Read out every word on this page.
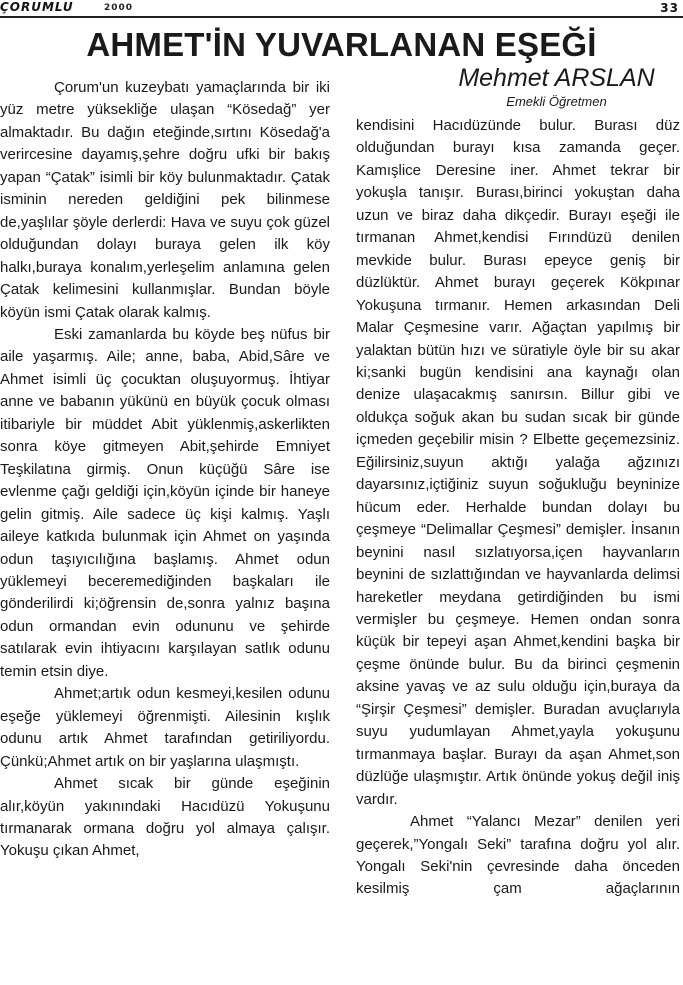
ÇORUMLU	2000	33
AHMET'İN YUVARLANAN EŞEĞİ
Mehmet ARSLAN
Emekli Öğretmen

Çorum'un kuzeybatı yamaçlarında bir iki yüz metre yüksekliğe ulaşan “Kösedağ” yer almaktadır. Bu dağın eteğinde,sırtını Kösedağ'a verircesine dayamış,şehre doğru ufki bir bakış yapan “Çatak” isimli bir köy bulunmaktadır. Çatak isminin nereden geldiğini pek bilinmese de,yaşlılar şöyle derlerdi: Hava ve suyu çok güzel olduğundan dolayı buraya gelen ilk köy halkı,buraya konalım,yerleşelim anlamına gelen Çatak kelimesini kullanmışlar. Bundan böyle köyün ismi Çatak olarak kalmış.

Eski zamanlarda bu köyde beş nüfus bir aile yaşarmış. Aile; anne, baba, Abid,Sâre ve Ahmet isimli üç çocuktan oluşuyormuş. İhtiyar anne ve babanın yükünü en büyük çocuk olması itibariyle bir müddet Abit yüklenmiş,askerlikten sonra köye gitmeyen Abit,şehirde Emniyet Teşkilatına girmiş. Onun küçüğü Sâre ise evlenme çağı geldiği için,köyün içinde bir haneye gelin gitmiş. Aile sadece üç kişi kalmış. Yaşlı aileye katkıda bulunmak için Ahmet on yaşında odun taşıyıcılığına başlamış. Ahmet odun yüklemeyi beceremediğinden başkaları ile gönderilirdi ki;öğrensin de,sonra yalnız başına odun ormandan evin odununu ve şehirde satılarak evin ihtiyacını karşılayan satlık odunu temin etsin diye.

Ahmet;artık odun kesmeyi,kesilen odunu eşeğe yüklemeyi öğrenmişti. Ailesinin kışlık odunu artık Ahmet tarafından getiriliyordu. Çünkü;Ahmet artık on bir yaşlarına ulaşmıştı.

Ahmet sıcak bir günde eşeğinin alır,köyün yakınındaki Hacıdüzü Yokuşunu tırmanarak ormana doğru yol almaya çalışır. Yokuşu çıkan Ahmet,

kendisini Hacıdüzünde bulur. Burası düz olduğundan burayı kısa zamanda geçer. Kamışlice Deresine iner. Ahmet tekrar bir yokuşla tanışır. Burası,birinci yokuştan daha uzun ve biraz daha dikçedir. Burayı eşeği ile tırmanan Ahmet,kendisi Fırındüzü denilen mevkide bulur. Burası epeyce geniş bir düzlüktür. Ahmet burayı geçerek Kökpınar Yokuşuna tırmanır. Hemen arkasından Deli Malar Çeşmesine varır. Ağaçtan yapılmış bir yalaktan bütün hızı ve süratiyle öyle bir su akar ki;sanki bugün kendisini ana kaynağı olan denize ulaşacakmış sanırsın. Billur gibi ve oldukça soğuk akan bu sudan sıcak bir günde içmeden geçebilir misin ? Elbette geçemezsiniz. Eğilirsiniz,suyun aktığı yalağa ağzınızı dayarsınız,içtiğiniz suyun soğukluğu beyninize hücum eder. Herhalde bundan dolayı bu çeşmeye “Delimallar Çeşmesi” demişler. İnsanın beynini nasıl sızlatıyorsa,içen hayvanların beynini de sızlattığından ve hayvanlarda delimsi hareketler meydana getirdiğinden bu ismi vermişler bu çeşmeye. Hemen ondan sonra küçük bir tepeyi aşan Ahmet,kendini başka bir çeşme önünde bulur. Bu da birinci çeşmenin aksine yavaş ve az sulu olduğu için,buraya da “Şirşir Çeşmesi” demişler. Buradan avuçlarıyla suyu yudumlayan Ahmet,yayla yokuşunu tırmanmaya başlar. Burayı da aşan Ahmet,son düzlüğe ulaşmıştır. Artık önünde yokuş değil iniş vardır.

Ahmet “Yalancı Mezar” denilen yeri geçerek,”Yongalı Seki” tarafına doğru yol alır. Yongalı Seki'nin çevresinde daha önceden kesilmiş çam ağaçlarının
